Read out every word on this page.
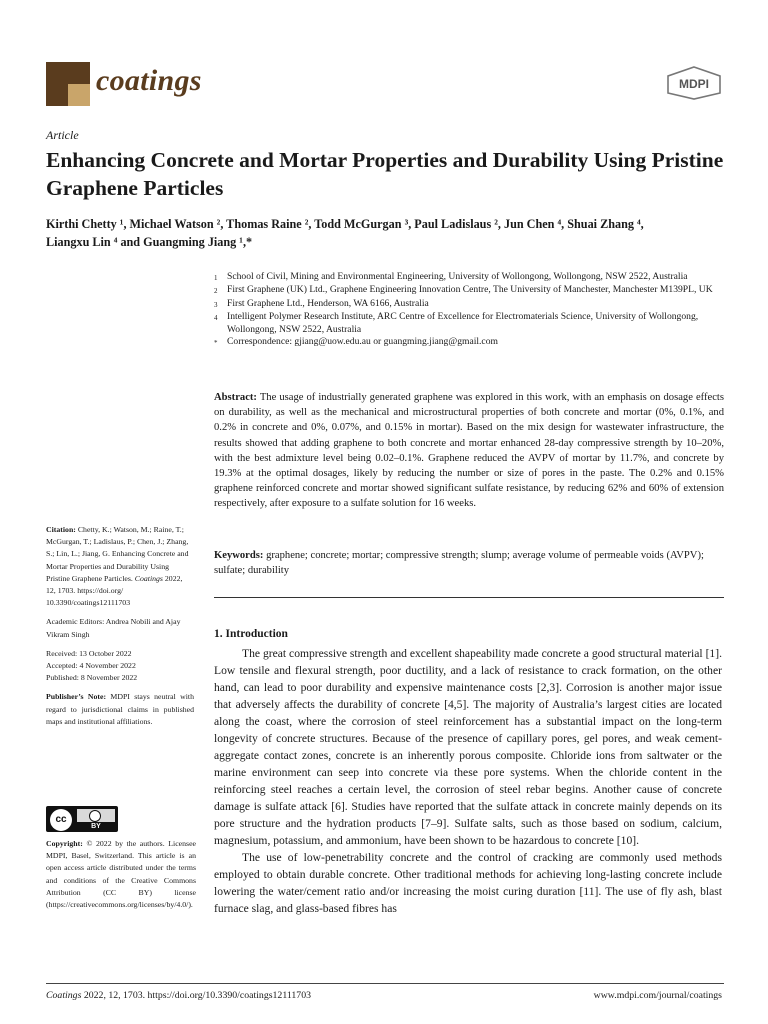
coatings	MDPI
Article
Enhancing Concrete and Mortar Properties and Durability Using Pristine Graphene Particles
Kirthi Chetty ¹, Michael Watson ², Thomas Raine ², Todd McGurgan ³, Paul Ladislaus ², Jun Chen ⁴, Shuai Zhang ⁴,
Liangxu Lin ⁴ and Guangming Jiang ¹,*
1 School of Civil, Mining and Environmental Engineering, University of Wollongong, Wollongong, NSW 2522, Australia
2 First Graphene (UK) Ltd., Graphene Engineering Innovation Centre, The University of Manchester, Manchester M139PL, UK
3 First Graphene Ltd., Henderson, WA 6166, Australia
4 Intelligent Polymer Research Institute, ARC Centre of Excellence for Electromaterials Science, University of Wollongong, Wollongong, NSW 2522, Australia
* Correspondence: gjiang@uow.edu.au or guangming.jiang@gmail.com
Abstract: The usage of industrially generated graphene was explored in this work, with an emphasis on dosage effects on durability, as well as the mechanical and microstructural properties of both concrete and mortar (0%, 0.1%, and 0.2% in concrete and 0%, 0.07%, and 0.15% in mortar). Based on the mix design for wastewater infrastructure, the results showed that adding graphene to both concrete and mortar enhanced 28-day compressive strength by 10–20%, with the best admixture level being 0.02–0.1%. Graphene reduced the AVPV of mortar by 11.7%, and concrete by 19.3% at the optimal dosages, likely by reducing the number or size of pores in the paste. The 0.2% and 0.15% graphene reinforced concrete and mortar showed significant sulfate resistance, by reducing 62% and 60% of extension respectively, after exposure to a sulfate solution for 16 weeks.
Keywords: graphene; concrete; mortar; compressive strength; slump; average volume of permeable voids (AVPV); sulfate; durability
Citation: Chetty, K.; Watson, M.; Raine, T.; McGurgan, T.; Ladislaus, P.; Chen, J.; Zhang, S.; Lin, L.; Jiang, G. Enhancing Concrete and Mortar Properties and Durability Using Pristine Graphene Particles. Coatings 2022, 12, 1703. https://doi.org/ 10.3390/coatings12111703
Academic Editors: Andrea Nobili and Ajay Vikram Singh
Received: 13 October 2022
Accepted: 4 November 2022
Published: 8 November 2022
Publisher’s Note: MDPI stays neutral with regard to jurisdictional claims in published maps and institutional affiliations.
cc
BY
Copyright: © 2022 by the authors. Licensee MDPI, Basel, Switzerland. This article is an open access article distributed under the terms and conditions of the Creative Commons Attribution (CC BY) license (https://creativecommons.org/licenses/by/4.0/).
1. Introduction

The great compressive strength and excellent shapeability made concrete a good structural material [1]. Low tensile and flexural strength, poor ductility, and a lack of resistance to crack formation, on the other hand, can lead to poor durability and expensive maintenance costs [2,3]. Corrosion is another major issue that adversely affects the durability of concrete [4,5]. The majority of Australia’s largest cities are located along the coast, where the corrosion of steel reinforcement has a substantial impact on the long-term longevity of concrete structures. Because of the presence of capillary pores, gel pores, and weak cement-aggregate contact zones, concrete is an inherently porous composite. Chloride ions from saltwater or the marine environment can seep into concrete via these pore systems. When the chloride content in the reinforcing steel reaches a certain level, the corrosion of steel rebar begins. Another cause of concrete damage is sulfate attack [6]. Studies have reported that the sulfate attack in concrete mainly depends on its pore structure and the hydration products [7–9]. Sulfate salts, such as those based on sodium, calcium, magnesium, potassium, and ammonium, have been shown to be hazardous to concrete [10].

The use of low-penetrability concrete and the control of cracking are commonly used methods employed to obtain durable concrete. Other traditional methods for achieving long-lasting concrete include lowering the water/cement ratio and/or increasing the moist curing duration [11]. The use of fly ash, blast furnace slag, and glass-based fibres has

Coatings 2022, 12, 1703. https://doi.org/10.3390/coatings12111703	www.mdpi.com/journal/coatings
